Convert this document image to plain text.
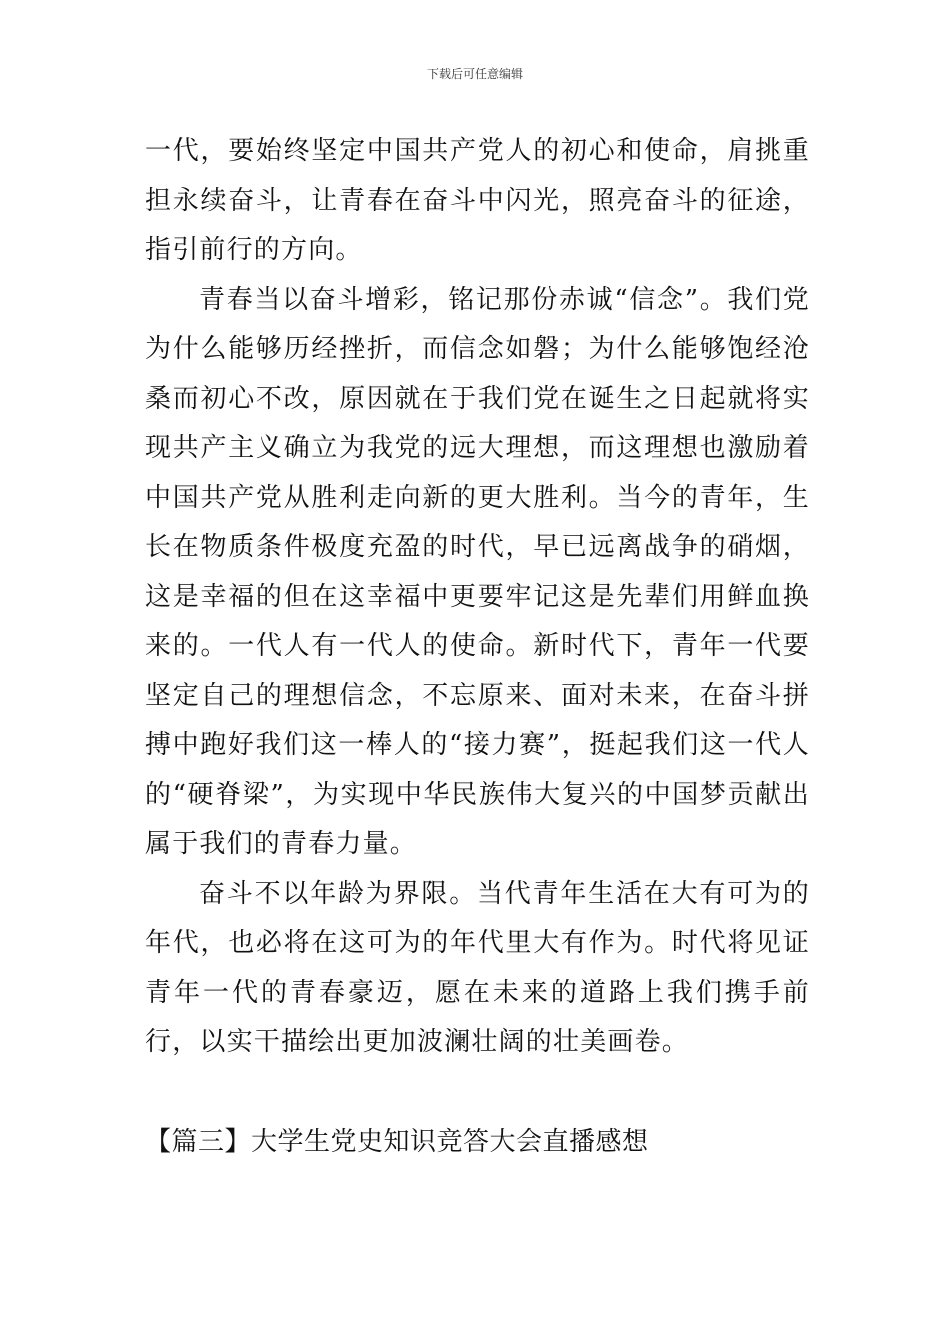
下载后可任意编辑

一代，要始终坚定中国共产党人的初心和使命，肩挑重担永续奋斗，让青春在奋斗中闪光，照亮奋斗的征途，指引前行的方向。

青春当以奋斗增彩，铭记那份赤诚“信念”。我们党为什么能够历经挫折，而信念如磐；为什么能够饱经沧桑而初心不改，原因就在于我们党在诞生之日起就将实现共产主义确立为我党的远大理想，而这理想也激励着中国共产党从胜利走向新的更大胜利。当今的青年，生长在物质条件极度充盈的时代，早已远离战争的硝烟，这是幸福的但在这幸福中更要牢记这是先辈们用鲜血换来的。一代人有一代人的使命。新时代下，青年一代要坚定自己的理想信念，不忘原来、面对未来，在奋斗拼搏中跑好我们这一棒人的“接力赛”，挺起我们这一代人的“硬脊梁”，为实现中华民族伟大复兴的中国梦贡献出属于我们的青春力量。

奋斗不以年龄为界限。当代青年生活在大有可为的年代，也必将在这可为的年代里大有作为。时代将见证青年一代的青春豪迈，愿在未来的道路上我们携手前行，以实干描绘出更加波澜壮阔的壮美画卷。

【篇三】大学生党史知识竞答大会直播感想
